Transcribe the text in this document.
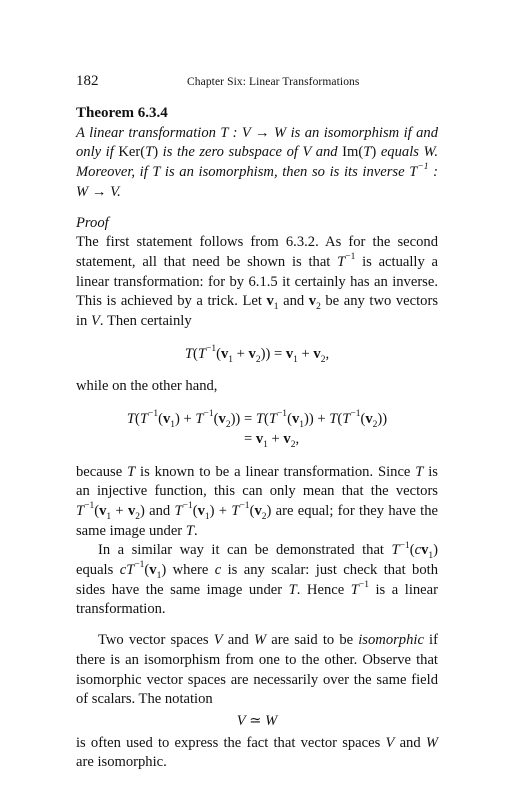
182	Chapter Six: Linear Transformations
Theorem 6.3.4

A linear transformation T : V → W is an isomorphism if and only if Ker(T) is the zero subspace of V and Im(T) equals W. Moreover, if T is an isomorphism, then so is its inverse $T^{-1}$ : W → V.

Proof

The first statement follows from 6.3.2. As for the second statement, all that need be shown is that $T^{-1}$ is actually a linear transformation: for by 6.1.5 it certainly has an inverse. This is achieved by a trick. Let $v_1$ and $v_2$ be any two vectors in V. Then certainly

$T(T^{-1}(v_1 + v_2)) = v_1 + v_2$,

while on the other hand,

$T(T^{-1}(v_1) + T^{-1}(v_2))$	= $T(T^{-1}(v_1)) + T(T^{-1}(v_2))$
	= $v_1 + v_2$,

because T is known to be a linear transformation. Since T is an injective function, this can only mean that the vectors $T^{-1}(v_1 + v_2)$ and $T^{-1}(v_1) + T^{-1}(v_2)$ are equal; for they have the same image under T.

In a similar way it can be demonstrated that $T^{-1}(cv_1)$ equals $cT^{-1}(v_1)$ where c is any scalar: just check that both sides have the same image under T. Hence $T^{-1}$ is a linear transformation.

Two vector spaces V and W are said to be isomorphic if there is an isomorphism from one to the other. Observe that isomorphic vector spaces are necessarily over the same field of scalars. The notation

V ≃ W

is often used to express the fact that vector spaces V and W are isomorphic.
